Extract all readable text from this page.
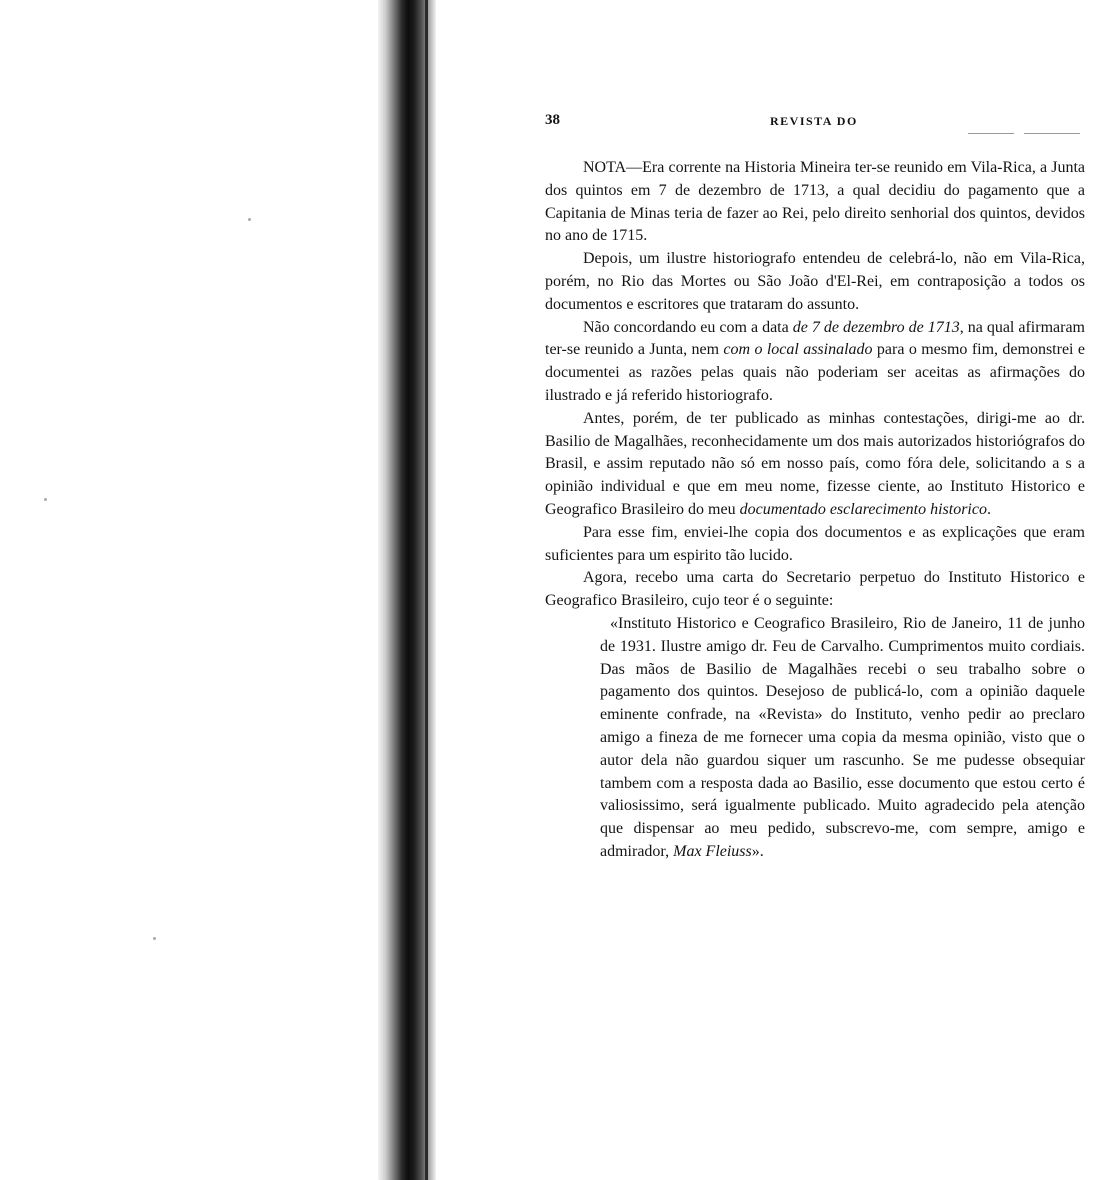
38	REVISTA DO

NOTA—Era corrente na Historia Mineira ter-se reunido em Vila-Rica, a Junta dos quintos em 7 de dezembro de 1713, a qual decidiu do pagamento que a Capitania de Minas teria de fazer ao Rei, pelo direito senhorial dos quintos, devidos no ano de 1715.

Depois, um ilustre historiografo entendeu de celebrá-lo, não em Vila-Rica, porém, no Rio das Mortes ou São João d'El-Rei, em contraposição a todos os documentos e escritores que trataram do assunto.

Não concordando eu com a data de 7 de dezembro de 1713, na qual afirmaram ter-se reunido a Junta, nem com o local assinalado para o mesmo fim, demonstrei e documentei as razões pelas quais não poderiam ser aceitas as afirmações do ilustrado e já referido historiografo.

Antes, porém, de ter publicado as minhas contestações, dirigi-me ao dr. Basilio de Magalhães, reconhecidamente um dos mais autorizados historiógrafos do Brasil, e assim reputado não só em nosso país, como fóra dele, solicitando a s a opinião individual e que em meu nome, fizesse ciente, ao Instituto Historico e Geografico Brasileiro do meu documentado esclarecimento historico.

Para esse fim, enviei-lhe copia dos documentos e as explicações que eram suficientes para um espirito tão lucido.

Agora, recebo uma carta do Secretario perpetuo do Instituto Historico e Geografico Brasileiro, cujo teor é o seguinte:

«Instituto Historico e Ceografico Brasileiro, Rio de Janeiro, 11 de junho de 1931. Ilustre amigo dr. Feu de Carvalho. Cumprimentos muito cordiais. Das mãos de Basilio de Magalhães recebi o seu trabalho sobre o pagamento dos quintos. Desejoso de publicá-lo, com a opinião daquele eminente confrade, na «Revista» do Instituto, venho pedir ao preclaro amigo a fineza de me fornecer uma copia da mesma opinião, visto que o autor dela não guardou siquer um rascunho. Se me pudesse obsequiar tambem com a resposta dada ao Basilio, esse documento que estou certo é valiosissimo, será igualmente publicado. Muito agradecido pela atenção que dispensar ao meu pedido, subscrevo-me, com sempre, amigo e admirador, Max Fleiuss».
